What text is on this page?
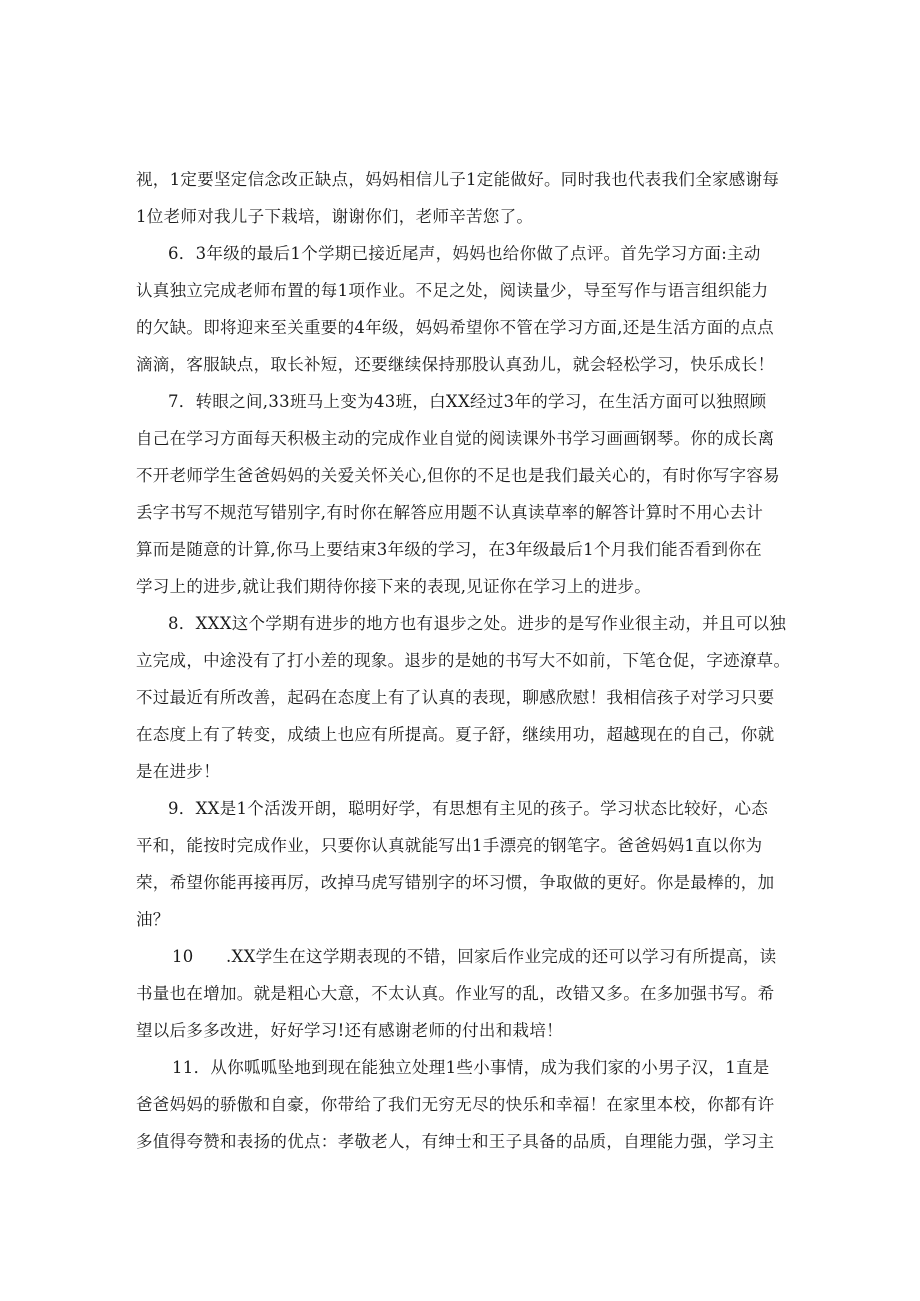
视，1定要坚定信念改正缺点，妈妈相信儿子1定能做好。同时我也代表我们全家感谢每
1位老师对我儿子下栽培，谢谢你们，老师辛苦您了。
6．3年级的最后1个学期已接近尾声，妈妈也给你做了点评。首先学习方面:主动
认真独立完成老师布置的每1项作业。不足之处，阅读量少，导至写作与语言组织能力
的欠缺。即将迎来至关重要的4年级，妈妈希望你不管在学习方面,还是生活方面的点点
滴滴，客服缺点，取长补短，还要继续保持那股认真劲儿，就会轻松学习，快乐成长！
7．转眼之间,33班马上变为43班，白XX经过3年的学习，在生活方面可以独照顾
自己在学习方面每天积极主动的完成作业自觉的阅读课外书学习画画钢琴。你的成长离
不开老师学生爸爸妈妈的关爱关怀关心,但你的不足也是我们最关心的，有时你写字容易
丢字书写不规范写错别字,有时你在解答应用题不认真读草率的解答计算时不用心去计
算而是随意的计算,你马上要结束3年级的学习，在3年级最后1个月我们能否看到你在
学习上的进步,就让我们期待你接下来的表现,见证你在学习上的进步。
8．XXX这个学期有进步的地方也有退步之处。进步的是写作业很主动，并且可以独
立完成，中途没有了打小差的现象。退步的是她的书写大不如前，下笔仓促，字迹潦草。
不过最近有所改善，起码在态度上有了认真的表现，聊感欣慰！我相信孩子对学习只要
在态度上有了转变，成绩上也应有所提高。夏子舒，继续用功，超越现在的自己，你就
是在进步！
9．XX是1个活泼开朗，聪明好学，有思想有主见的孩子。学习状态比较好，心态
平和，能按时完成作业，只要你认真就能写出1手漂亮的钢笔字。爸爸妈妈1直以你为
荣，希望你能再接再厉，改掉马虎写错别字的坏习惯，争取做的更好。你是最棒的，加
油？
10 .XX学生在这学期表现的不错，回家后作业完成的还可以学习有所提高，读
书量也在增加。就是粗心大意，不太认真。作业写的乱，改错又多。在多加强书写。希
望以后多多改进，好好学习!还有感谢老师的付出和栽培！
11．从你呱呱坠地到现在能独立处理1些小事情，成为我们家的小男子汉，1直是
爸爸妈妈的骄傲和自豪，你带给了我们无穷无尽的快乐和幸福！在家里本校，你都有许
多值得夸赞和表扬的优点：孝敬老人，有绅士和王子具备的品质，自理能力强，学习主
